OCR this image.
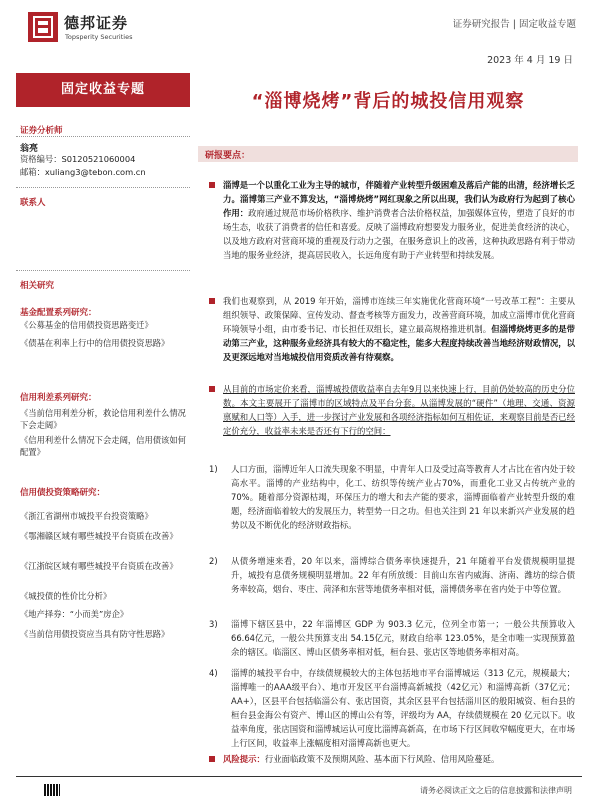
德邦证券
Topsperity Securities
证券研究报告 | 固定收益专题
2023 年 4 月 19 日
固定收益专题
“淄博烧烤”背后的城投信用观察
证券分析师
翁亮
资格编号：S0120521060004
邮箱：xuliang3@tebon.com.cn
联系人
相关研究
基金配置系列研究：
《公募基金的信用债投资思路变迁》
《债基在利率上行中的信用债投资思路》
信用利差系列研究：
《当前信用利差分析，救论信用利差什么情况下会走阔》
《信用利差什么情况下会走阔，信用债该如何配置》
信用债投资策略研究：
《浙江省湖州市城投平台投资策略》
《鄂湘赣区域有哪些城投平台资质在改善》
《江浙皖区域有哪些城投平台资质在改善》
《城投债的性价比分析》
《地产择券：“小而美”房企》
《当前信用债投资应当具有防守性思路》
研报要点：
淄博是一个以重化工业为主导的城市，伴随着产业转型升级困难及落后产能的出清，经济增长乏力。淄博第三产业不算发达，“淄博烧烤”网红现象之所以出现，我们认为政府行为起到了核心作用：政府通过规范市场价格秩序、维护消费者合法价格权益，加强媒体宣传，塑造了良好的市场生态，收获了消费者的信任和喜爱。反映了淄博政府想要发力服务业，促进美食经济的决心，以及地方政府对营商环境的重视及行动力之强，在服务意识上的改善，这种执政思路有利于带动当地的服务业经济，提高居民收入，长远角度有助于产业转型和持续发展。
我们也观察到，从 2019 年开始，淄博市连续三年实施优化营商环境“一号改革工程”：主要从组织领导、政策保障、宣传发动、督查考核等方面发力，改善营商环境，加成立淄博市优化营商环境领导小组，由市委书记、市长担任双组长，建立最高规格推进机制。但淄博烧烤更多的是带动第三产业，这种服务业经济具有较大的不稳定性，能多大程度持续改善当地经济财政情况，以及更深远地对当地城投信用资质改善有待观察。
从目前的市场定价来看，淄博城投债收益率自去年9月以来快速上行，目前仍处较高的历史分位数。本文主要展开了淄博市的区域特点及平台分套。从淄博发展的“硬件”（地理、交通、资源禀赋和人口等）入手，进一步探讨产业发展和各项经济指标如何互相佐证，来观察目前是否已经定价充分，收益率未来是否还有下行的空间：
1)	人口方面，淄博近年人口流失现象不明显，中青年人口及受过高等教育人才占比在省内处于较高水平。淄博的产业结构中，化工、纺织等传统产业占70%，而重化工业又占传统产业的 70%。随着部分资源枯竭，环保压力的增大和去产能的要求，淄博面临着产业转型升级的难题，经济面临着较大的发展压力，转型势一日之功。但也关注到 21 年以来新兴产业发展的趋势以及不断优化的经济财政指标。
2)	从债务增速来看，20 年以来，淄博综合债务率快速提升，21 年随着平台发债规模明显提升，城投有息债务规模明显增加。22 年有所放缓：目前山东省内威海、济南、潍坊的综合债务率较高，烟台、枣庄、菏泽和东营等地债务率相对低，淄博债务率在省内处于中等位置。
3)	淄博下辖区县中，22 年淄博区 GDP 为 903.3 亿元，位列全市第一；一般公共预算收入 66.64亿元，一般公共预算支出 54.15亿元，财政自给率 123.05%，是全市唯一实现预算盈余的辖区。临淄区、博山区债务率相对低，桓台县、张店区等地债务率相对高。
4)	淄博的城投平台中，存续债规模较大的主体包括地市平台淄博城运（313 亿元，规模最大；淄博唯一的AAA级平台）、地市开发区平台淄博高新城投（42亿元）和淄博高新（37亿元；AA+），区县平台包括临淄公有、张店国资，其余区县平台包括淄川区的般阳城资、桓台县的桓台县金海公有资产、博山区的博山公有等，评级均为 AA，存续债规模在 20 亿元以下。收益率角度，张店国资和淄博城运认可度比淄博高新高，在市场下行区间收窄幅度更大，在市场上行区间，收益率上涨幅度相对淄博高新也更大。
风险提示：行业面临政策不及预期风险、基本面下行风险、信用风险蔓延。
请务必阅读正文之后的信息披露和法律声明
